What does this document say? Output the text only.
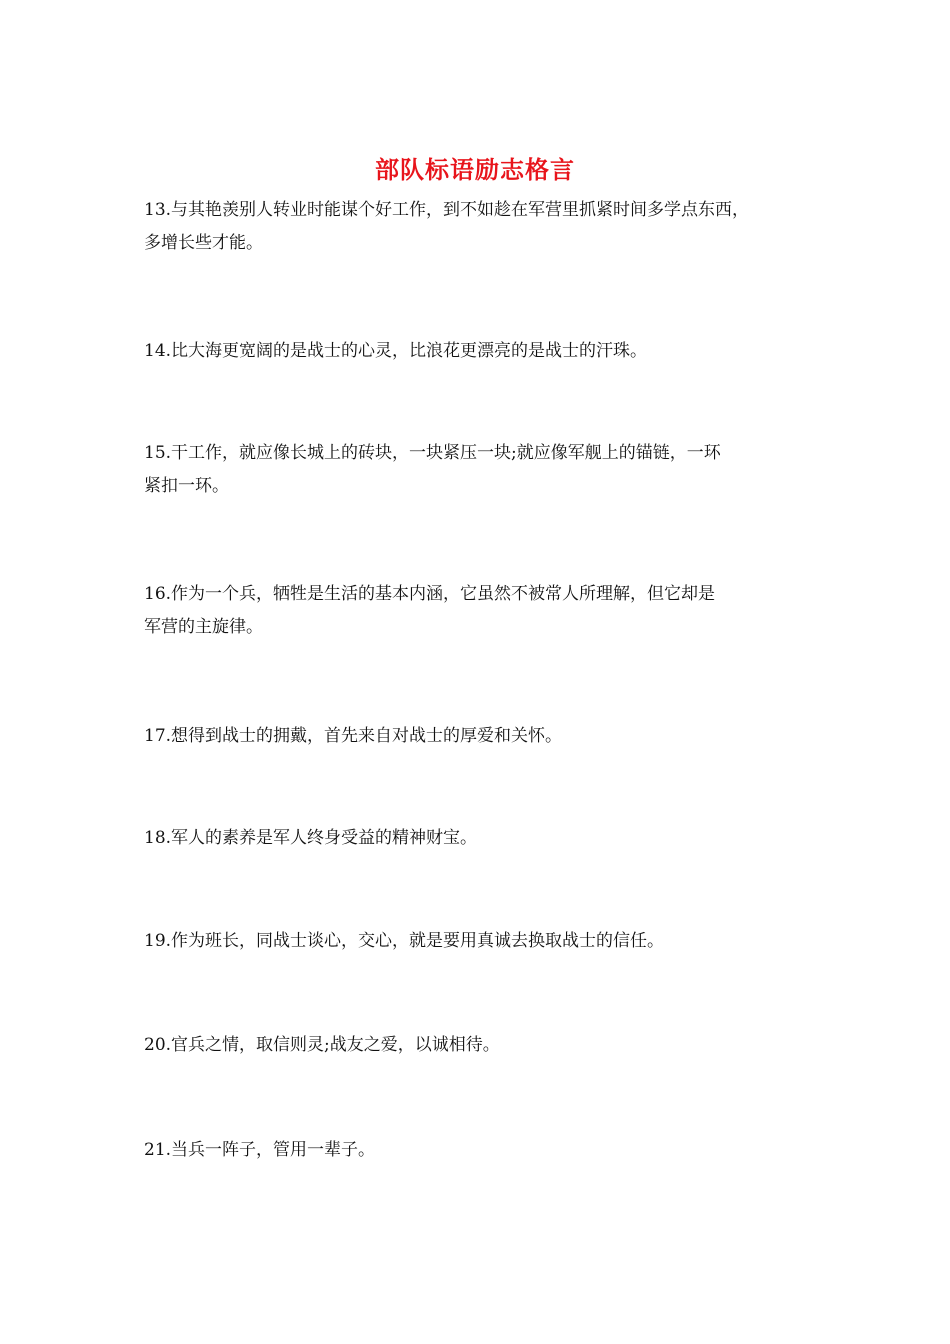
部队标语励志格言
13.与其艳羡别人转业时能谋个好工作，到不如趁在军营里抓紧时间多学点东西，
多增长些才能。
14.比大海更宽阔的是战士的心灵，比浪花更漂亮的是战士的汗珠。
15.干工作，就应像长城上的砖块，一块紧压一块;就应像军舰上的锚链，一环
紧扣一环。
16.作为一个兵，牺牲是生活的基本内涵，它虽然不被常人所理解，但它却是
军营的主旋律。
17.想得到战士的拥戴，首先来自对战士的厚爱和关怀。
18.军人的素养是军人终身受益的精神财宝。
19.作为班长，同战士谈心，交心，就是要用真诚去换取战士的信任。
20.官兵之情，取信则灵;战友之爱，以诚相待。
21.当兵一阵子，管用一辈子。
